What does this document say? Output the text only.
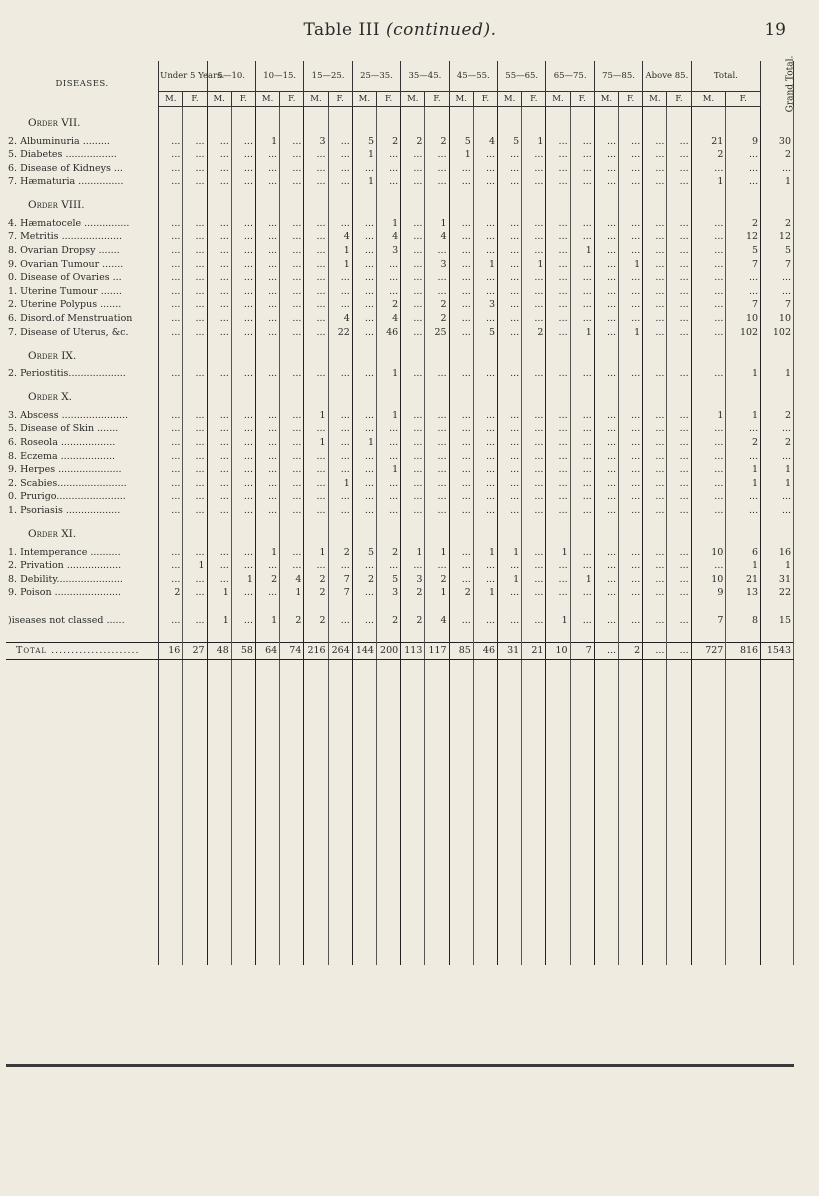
Table III (continued).	19
DISEASES.	Under 5 Years.		5—10.		10—15.		15—25.		25—35.		35—45.		45—55.		55—65.		65—75.		75—85.		Above 85.		Total.		Grand Total.
	M.	F.	M.	F.	M.	F.	M.	F.	M.	F.	M.	F.	M.	F.	M.	F.	M.	F.	M.	F.	M.	F.	M.	F.	
Order VII.																									
2. Albuminuria .........	...	...	...	...	1	...	3	...	5	2	2	2	5	4	5	1	...	...	...	...	...	...	21	9	30
5. Diabetes .................	...	...	...	...	...	...	...	...	1	...	...	...	1	...	...	...	...	...	...	...	...	...	2	...	2
6. Disease of Kidneys ...	...	...	...	...	...	...	...	...	...	...	...	...	...	...	...	...	...	...	...	...	...	...	...	...	...
7. Hæmaturia ...............	...	...	...	...	...	...	...	...	1	...	...	...	...	...	...	...	...	...	...	...	...	...	1	...	1
Order VIII.																									
4. Hæmatocele ...............	...	...	...	...	...	...	...	...	...	1	...	1	...	...	...	...	...	...	...	...	...	...	...	2	2
7. Metritis ....................	...	...	...	...	...	...	...	4	...	4	...	4	...	...	...	...	...	...	...	...	...	...	...	12	12
8. Ovarian Dropsy .......	...	...	...	...	...	...	...	1	...	3	...	...	...	...	...	...	...	1	...	...	...	...	...	5	5
9. Ovarian Tumour .......	...	...	...	...	...	...	...	1	...	...	...	3	...	1	...	1	...	...	...	1	...	...	...	7	7
0. Disease of Ovaries ...	...	...	...	...	...	...	...	...	...	...	...	...	...	...	...	...	...	...	...	...	...	...	...	...	...
1. Uterine Tumour .......	...	...	...	...	...	...	...	...	...	...	...	...	...	...	...	...	...	...	...	...	...	...	...	...	...
2. Uterine Polypus .......	...	...	...	...	...	...	...	...	...	2	...	2	...	3	...	...	...	...	...	...	...	...	...	7	7
6. Disord.of Menstruation	...	...	...	...	...	...	...	4	...	4	...	2	...	...	...	...	...	...	...	...	...	...	...	10	10
7. Disease of Uterus, &c.	...	...	...	...	...	...	...	22	...	46	...	25	...	5	...	2	...	1	...	1	...	...	...	102	102
Order IX.																									
2. Periostitis...................	...	...	...	...	...	...	...	...	...	1	...	...	...	...	...	...	...	...	...	...	...	...	...	1	1
Order X.																									
3. Abscess ......................	...	...	...	...	...	...	1	...	...	1	...	...	...	...	...	...	...	...	...	...	...	...	1	1	2
5. Disease of Skin .......	...	...	...	...	...	...	...	...	...	...	...	...	...	...	...	...	...	...	...	...	...	...	...	...	...
6. Roseola ..................	...	...	...	...	...	...	1	...	1	...	...	...	...	...	...	...	...	...	...	...	...	...	...	2	2
8. Eczema ..................	...	...	...	...	...	...	...	...	...	...	...	...	...	...	...	...	...	...	...	...	...	...	...	...	...
9. Herpes .....................	...	...	...	...	...	...	...	...	...	1	...	...	...	...	...	...	...	...	...	...	...	...	...	1	1
2. Scabies.......................	...	...	...	...	...	...	...	1	...	...	...	...	...	...	...	...	...	...	...	...	...	...	...	1	1
0. Prurigo.......................	...	...	...	...	...	...	...	...	...	...	...	...	...	...	...	...	...	...	...	...	...	...	...	...	...
1. Psoriasis ..................	...	...	...	...	...	...	...	...	...	...	...	...	...	...	...	...	...	...	...	...	...	...	...	...	...
Order XI.																									
1. Intemperance ..........	...	...	...	...	1	...	1	2	5	2	1	1	...	1	1	...	1	...	...	...	...	...	10	6	16
2. Privation ..................	...	1	...	...	...	...	...	...	...	...	...	...	...	...	...	...	...	...	...	...	...	...	...	1	1
8. Debility......................	...	...	...	1	2	4	2	7	2	5	3	2	...	...	1	...	...	1	...	...	...	...	10	21	31
9. Poison ......................	2	...	1	...	...	1	2	7	...	3	2	1	2	1	...	...	...	...	...	...	...	...	9	13	22

)iseases not classed ......	...	...	1	...	1	2	2	...	...	2	2	4	...	...	...	...	1	...	...	...	...	...	7	8	15

Total ......................	16	27	48	58	64	74	216	264	144	200	113	117	85	46	31	21	10	7	...	2	...	...	727	816	1543
